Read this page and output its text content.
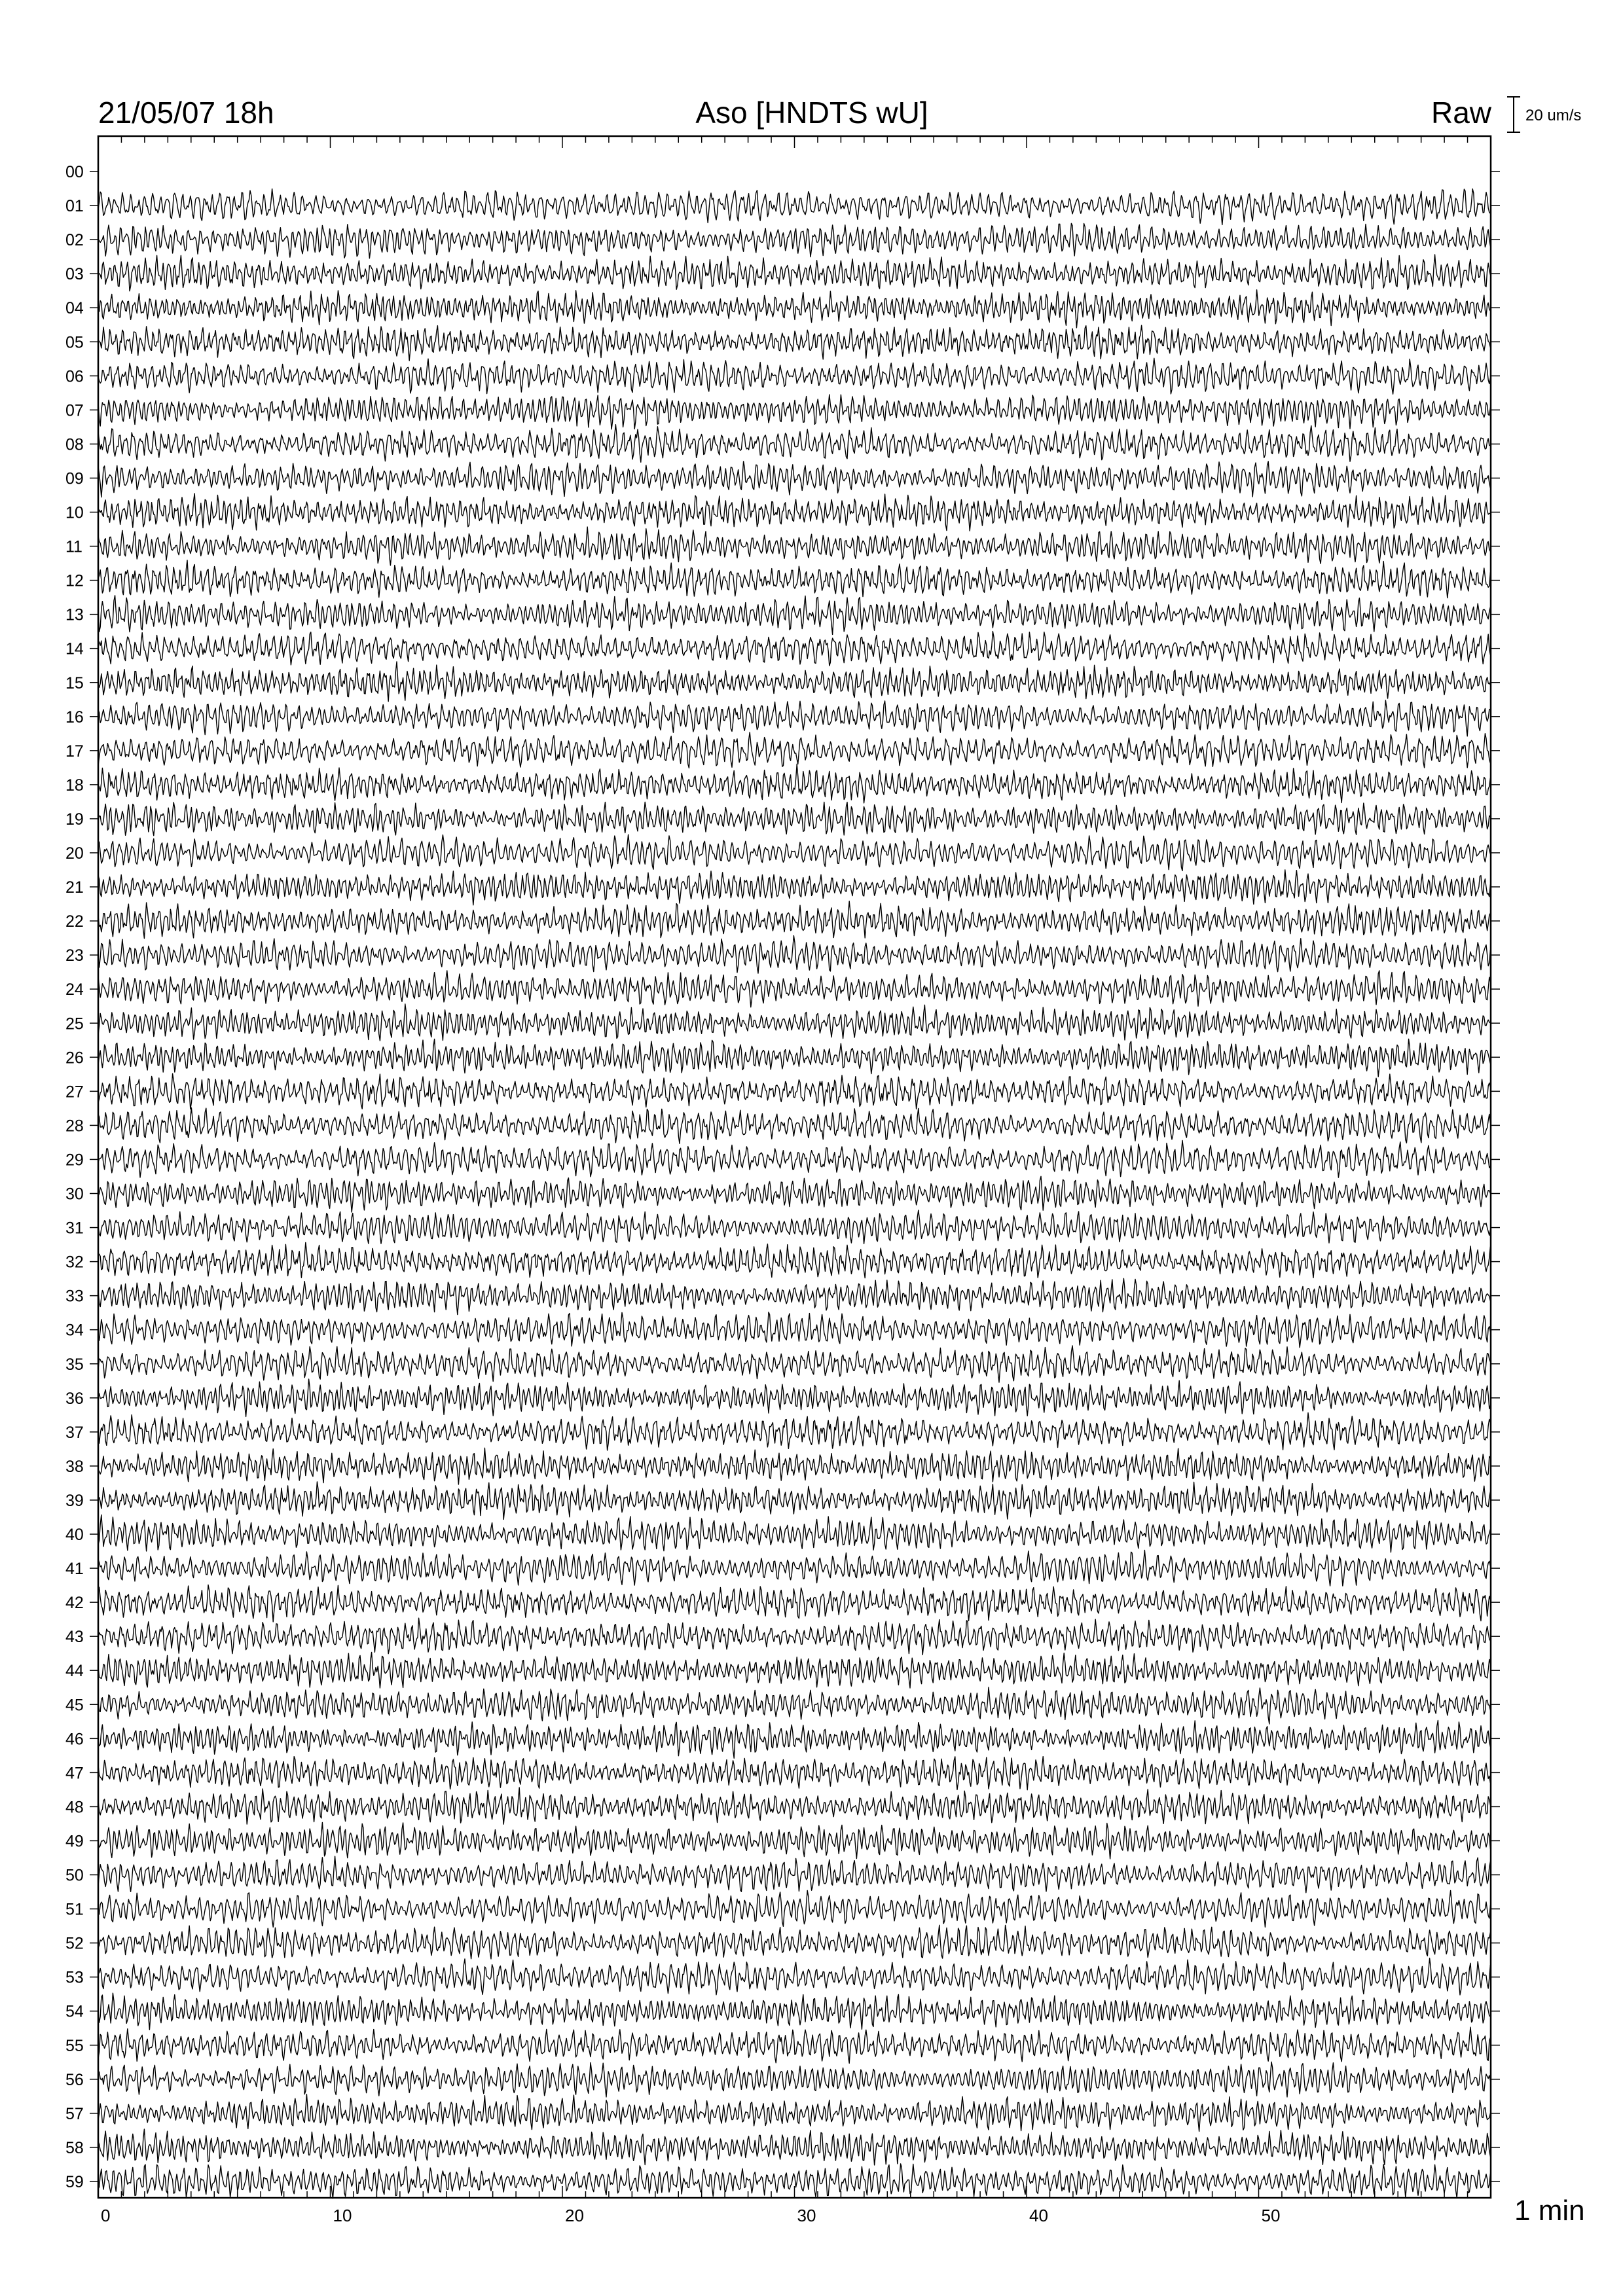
21/05/07 18h	Aso [HNDTS wU]	Raw 20 um/s
00
01
02
03
04
05
06
07
08
09
10
11
12
13
14
15
16
17
18
19
20
21
22
23
24
25
26
27
28
29
30
31
32
33
34
35
36
37
38
39
40
41
42
43
44
45
46
47
48
49
50
51
52
53
54
55
56
57
58
59
0	10	20	30	40	50	1 min
